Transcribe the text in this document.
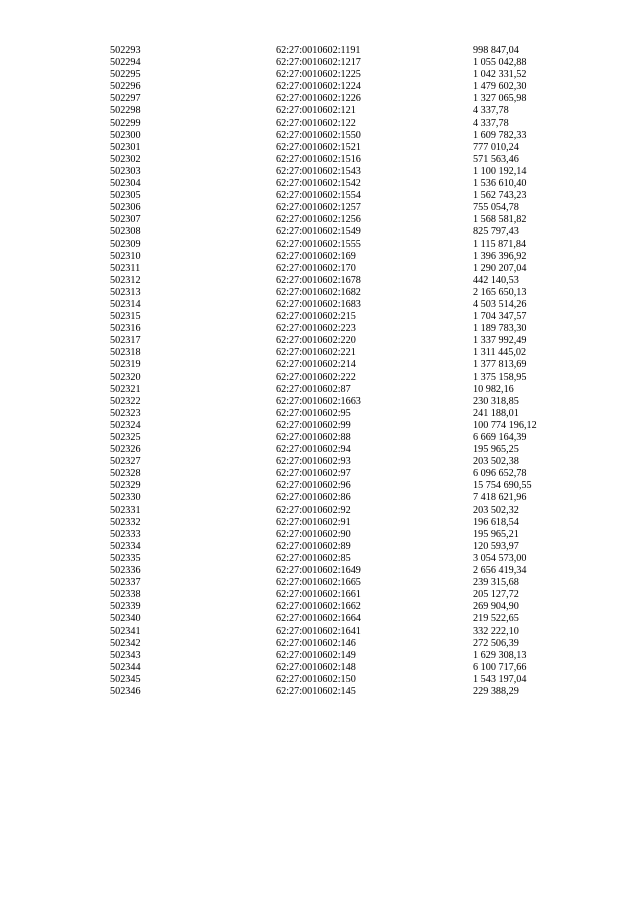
502293	62:27:0010602:1191	998 847,04
502294	62:27:0010602:1217	1 055 042,88
502295	62:27:0010602:1225	1 042 331,52
502296	62:27:0010602:1224	1 479 602,30
502297	62:27:0010602:1226	1 327 065,98
502298	62:27:0010602:121	4 337,78
502299	62:27:0010602:122	4 337,78
502300	62:27:0010602:1550	1 609 782,33
502301	62:27:0010602:1521	777 010,24
502302	62:27:0010602:1516	571 563,46
502303	62:27:0010602:1543	1 100 192,14
502304	62:27:0010602:1542	1 536 610,40
502305	62:27:0010602:1554	1 562 743,23
502306	62:27:0010602:1257	755 054,78
502307	62:27:0010602:1256	1 568 581,82
502308	62:27:0010602:1549	825 797,43
502309	62:27:0010602:1555	1 115 871,84
502310	62:27:0010602:169	1 396 396,92
502311	62:27:0010602:170	1 290 207,04
502312	62:27:0010602:1678	442 140,53
502313	62:27:0010602:1682	2 165 650,13
502314	62:27:0010602:1683	4 503 514,26
502315	62:27:0010602:215	1 704 347,57
502316	62:27:0010602:223	1 189 783,30
502317	62:27:0010602:220	1 337 992,49
502318	62:27:0010602:221	1 311 445,02
502319	62:27:0010602:214	1 377 813,69
502320	62:27:0010602:222	1 375 158,95
502321	62:27:0010602:87	10 982,16
502322	62:27:0010602:1663	230 318,85
502323	62:27:0010602:95	241 188,01
502324	62:27:0010602:99	100 774 196,12
502325	62:27:0010602:88	6 669 164,39
502326	62:27:0010602:94	195 965,25
502327	62:27:0010602:93	203 502,38
502328	62:27:0010602:97	6 096 652,78
502329	62:27:0010602:96	15 754 690,55
502330	62:27:0010602:86	7 418 621,96
502331	62:27:0010602:92	203 502,32
502332	62:27:0010602:91	196 618,54
502333	62:27:0010602:90	195 965,21
502334	62:27:0010602:89	120 593,97
502335	62:27:0010602:85	3 054 573,00
502336	62:27:0010602:1649	2 656 419,34
502337	62:27:0010602:1665	239 315,68
502338	62:27:0010602:1661	205 127,72
502339	62:27:0010602:1662	269 904,90
502340	62:27:0010602:1664	219 522,65
502341	62:27:0010602:1641	332 222,10
502342	62:27:0010602:146	272 506,39
502343	62:27:0010602:149	1 629 308,13
502344	62:27:0010602:148	6 100 717,66
502345	62:27:0010602:150	1 543 197,04
502346	62:27:0010602:145	229 388,29
